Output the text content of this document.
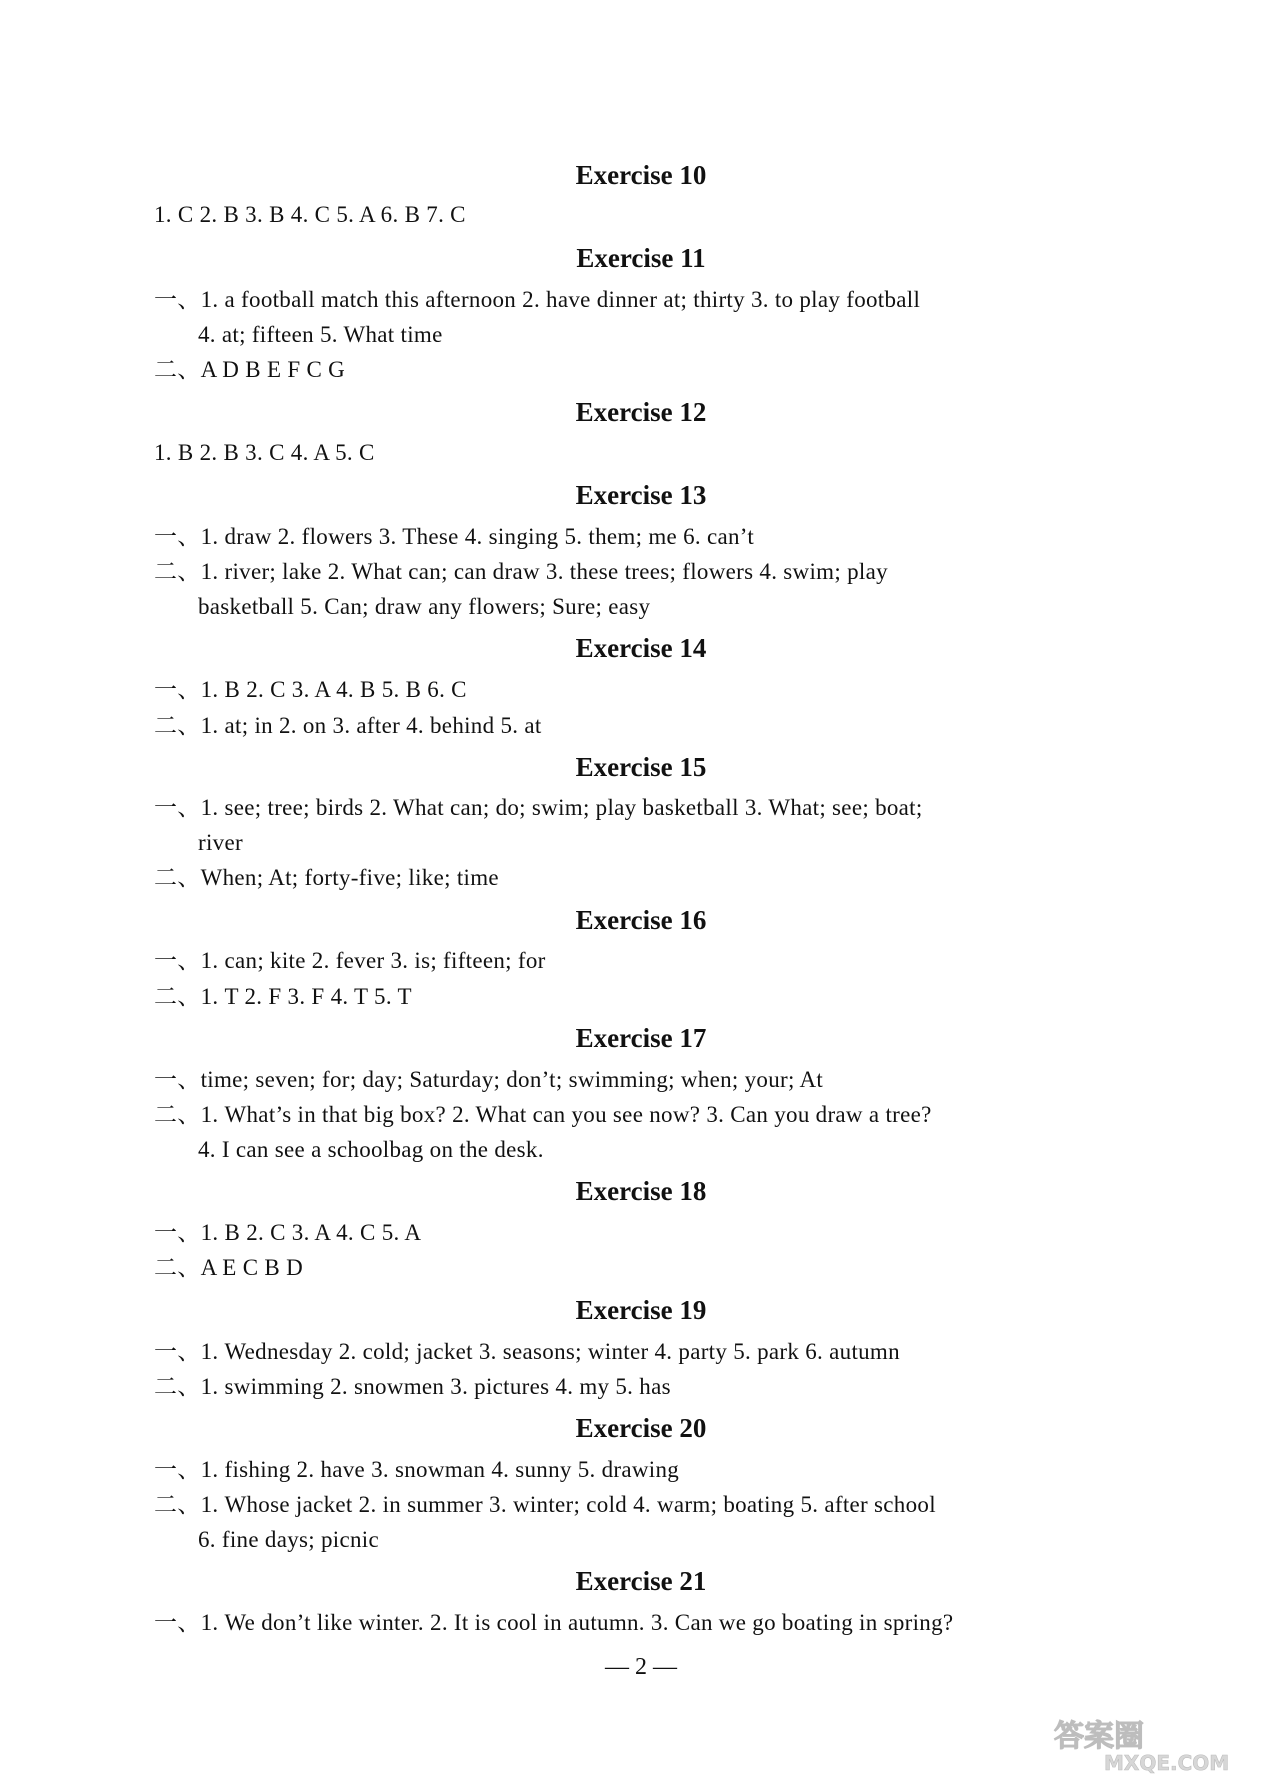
Exercise 10
1. C 2. B 3. B 4. C 5. A 6. B 7. C
Exercise 11
一、1. a football match this afternoon 2. have dinner at; thirty 3. to play football
4. at; fifteen 5. What time
二、A D B E F C G
Exercise 12
1. B 2. B 3. C 4. A 5. C
Exercise 13
一、1. draw 2. flowers 3. These 4. singing 5. them; me 6. can’t
二、1. river; lake 2. What can; can draw 3. these trees; flowers 4. swim; play
basketball 5. Can; draw any flowers; Sure; easy
Exercise 14
一、1. B 2. C 3. A 4. B 5. B 6. C
二、1. at; in 2. on 3. after 4. behind 5. at
Exercise 15
一、1. see; tree; birds 2. What can; do; swim; play basketball 3. What; see; boat;
river
二、When; At; forty-five; like; time
Exercise 16
一、1. can; kite 2. fever 3. is; fifteen; for
二、1. T 2. F 3. F 4. T 5. T
Exercise 17
一、time; seven; for; day; Saturday; don’t; swimming; when; your; At
二、1. What’s in that big box? 2. What can you see now? 3. Can you draw a tree?
4. I can see a schoolbag on the desk.
Exercise 18
一、1. B 2. C 3. A 4. C 5. A
二、A E C B D
Exercise 19
一、1. Wednesday 2. cold; jacket 3. seasons; winter 4. party 5. park 6. autumn
二、1. swimming 2. snowmen 3. pictures 4. my 5. has
Exercise 20
一、1. fishing 2. have 3. snowman 4. sunny 5. drawing
二、1. Whose jacket 2. in summer 3. winter; cold 4. warm; boating 5. after school
6. fine days; picnic
Exercise 21
一、1. We don’t like winter. 2. It is cool in autumn. 3. Can we go boating in spring?
— 2 —
答案圈
MXQE.COM
